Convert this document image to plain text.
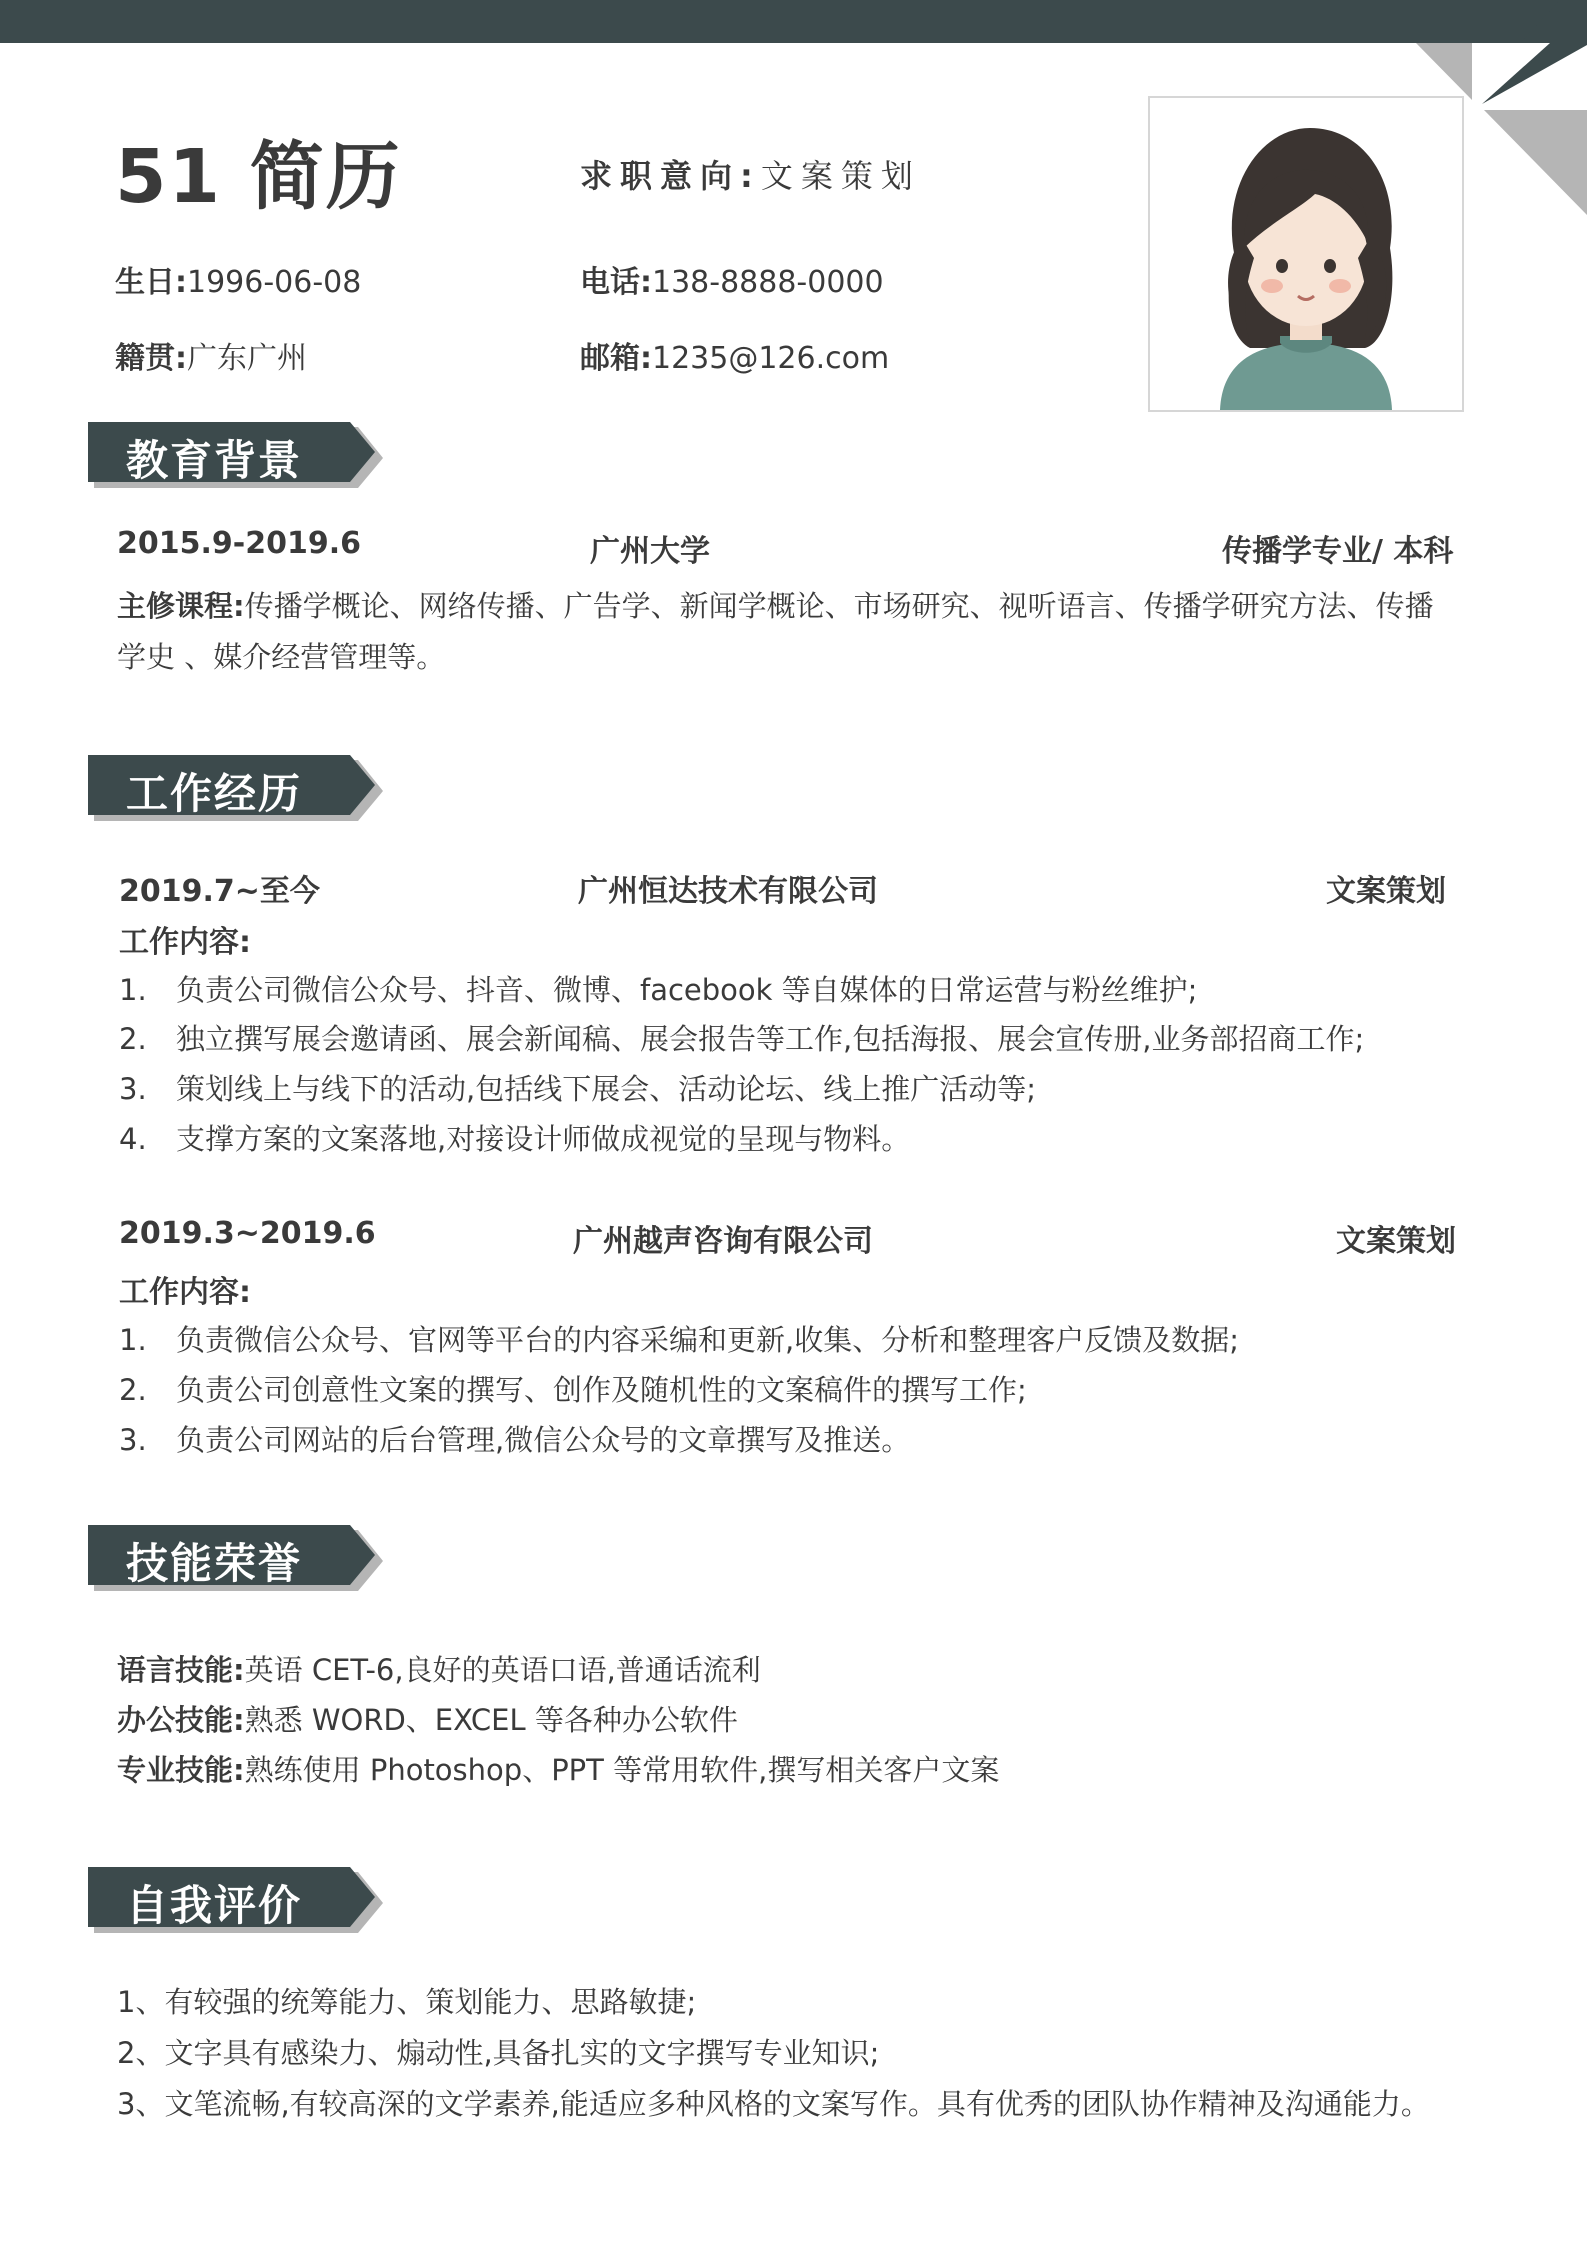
51 简历	求职意向:文案策划
生日:1996-06-08	电话:138-8888-0000
籍贯:广东广州	邮箱:1235@126.com
教育背景
2015.9-2019.6	广州大学	传播学专业/ 本科
主修课程:传播学概论、网络传播、广告学、新闻学概论、市场研究、视听语言、传播学研究方法、传播
学史 、媒介经营管理等。
工作经历
2019.7~至今	广州恒达技术有限公司	文案策划
工作内容:
1. 负责公司微信公众号、抖音、微博、facebook 等自媒体的日常运营与粉丝维护;
2. 独立撰写展会邀请函、展会新闻稿、展会报告等工作,包括海报、展会宣传册,业务部招商工作;
3. 策划线上与线下的活动,包括线下展会、活动论坛、线上推广活动等;
4. 支撑方案的文案落地,对接设计师做成视觉的呈现与物料。
2019.3~2019.6	广州越声咨询有限公司	文案策划
工作内容:
1. 负责微信公众号、官网等平台的内容采编和更新,收集、分析和整理客户反馈及数据;
2. 负责公司创意性文案的撰写、创作及随机性的文案稿件的撰写工作;
3. 负责公司网站的后台管理,微信公众号的文章撰写及推送。
技能荣誉
语言技能:英语 CET-6,良好的英语口语,普通话流利
办公技能:熟悉 WORD、EXCEL 等各种办公软件
专业技能:熟练使用 Photoshop、PPT 等常用软件,撰写相关客户文案
自我评价
1、有较强的统筹能力、策划能力、思路敏捷;
2、文字具有感染力、煽动性,具备扎实的文字撰写专业知识;
3、文笔流畅,有较高深的文学素养,能适应多种风格的文案写作。具有优秀的团队协作精神及沟通能力。
